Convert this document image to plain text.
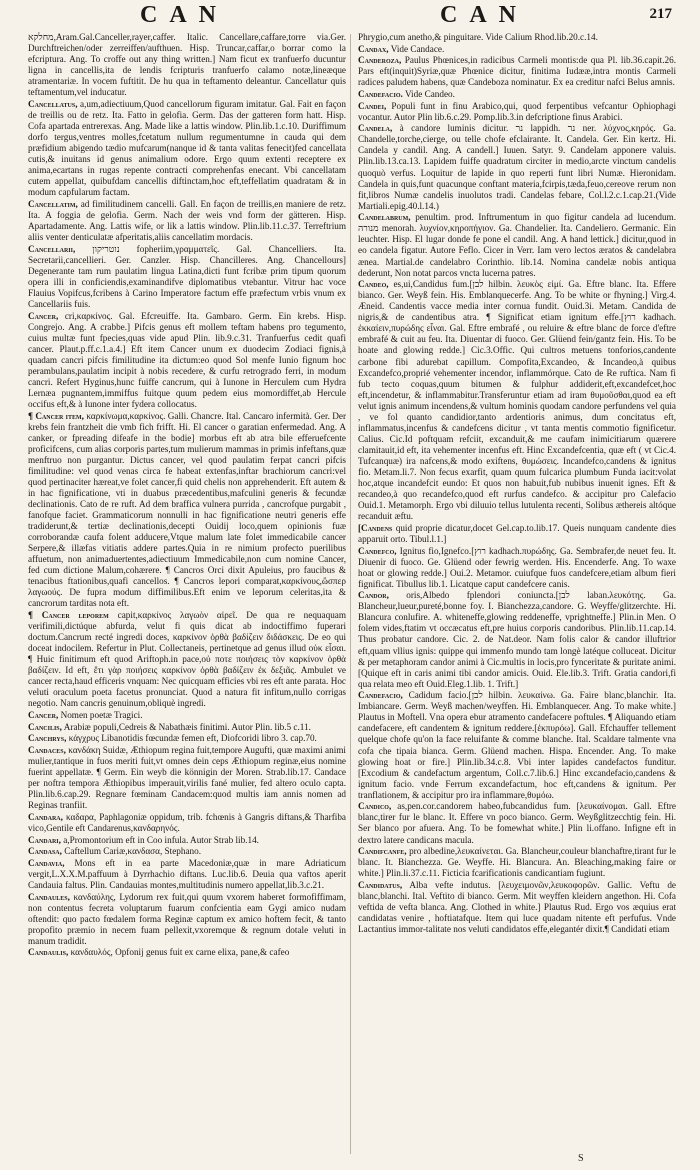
CAN	CAN	217

מחלקא,Aram.Gal.Canceller,rayer,caffer. Italic. Cancellare,caffare,torre via.Ger. Durchftreichen/oder zerreiffen/aufthuen. Hisp. Truncar,caffar,o borrar como la efcriptura. Ang. To croffe out any thing written.] Nam ficut ex tranfuerfo ducuntur ligna in cancellis,ita de lendis fcripturis tranfuerfo calamo notæ,lineæque atramentariæ. In vocem fuftitit. De hu qua in teftamento deleantur. Cancellatur quis teftamentum,vel inducatur.

Cancellatus, a,um,adiectiuum,Quod cancellorum figuram imitatur. Gal. Fait en façon de treillis ou de retz. Ita. Fatto in gelofia. Germ. Das der gatteren form hatt. Hisp. Cofa apartada entrerexas. Ang. Made like a lattis window. Plin.lib.1.c.10. Duriffimum dorfo tergus,ventres molles,fcetatum nullum regumentumne in cauda qui dem præfidium abigendo tædio mufcarum(nanque id & tanta valitas fenecit)fed cancellata cutis,& inuitans id genus animalium odore. Ergo quum extenti receptere ex anima,ecartans in rugas repente contracti comprehenfas enecant. Vbi cancellatam cutem appellat, quibufdam cancellis diftinctam,hoc eft,teffellatim quadratam & in modum capfularum factam.

Cancellatim, ad fimilitudinem cancelli. Gall. En façon de treillis,en maniere de retz. Ita. A foggia de gelofia. Germ. Nach der weis vnd form der gätteren. Hisp. Apartadamente. Ang. Lattis wife, or lik a lattis window. Plin.lib.11.c.37. Terreftrium aliis venter denticulatæ afperitatis,aliis cancellatim mordacis.

Cancellarii, נוטריקון fopheriim,γραμματεῖς. Gal. Chancelliers. Ita. Secretarii,cancellieri. Ger. Canzler. Hisp. Chancilleres. Ang. Chancellours] Degenerante tam rum paulatim lingua Latina,dicti funt fcribæ prim tipum quorum opera illi in conficiendis,examinandifve diplomatibus vtebantur. Vitrur hac voce Flauius Vopifcus,fcribens à Carino Imperatore factum effe præfectum vrbis vnum ex Cancellariis fuis.

Cancer, cri,καρκίνος. Gal. Efcreuiffe. Ita. Gambaro. Germ. Ein krebs. Hisp. Congrejo. Ang. A crabbe.] Pifcis genus eft mollem teftam habens pro tegumento, cuius multæ funt fpecies,quas vide apud Plin. lib.9.c.31. Tranfuerfus cedit quafi cancer. Plaut.p.ff.c.1.a.4.] Eft item Cancer unum ex duodecim Zodiaci fignis,à quadam cancri pifcis fimilitudine ita dictum:eo quod Sol menfe Iunio fignum hoc perambulans,paulatim incipit à nobis recedere, & curfu retrogrado ferri, in modum cancri. Refert Hyginus,hunc fuiffe cancrum, qui à Iunone in Herculem cum Hydra Lernæa pugnantem,immiffus fuitque quum pedem eius momordiffet,ab Hercule occifus eft,& à Iunone inter fydera collocatus.

¶ Cancer item, καρκίνωμα,καρκίνος. Galli. Chancre. Ital. Cancaro infermità. Ger. Der krebs fein frantzheit die vmb fich frifft. Hi. El cancer o garatian enfermedad. Ang. A canker, or fpreading difeafe in the bodie] morbus eft ab atra bile efferuefcente proficifcens, cum alias corporis partes,tum mulierum mammas in primis infeftans,quæ menftruo non purgantur. Dictus cancer, vel quod paulatim ferpat cancri pifcis fimilitudine: vel quod venas circa fe habeat extenfas,inftar brachiorum cancri:vel quod pertinaciter hæreat,ve folet cancer,fi quid chelis non apprehenderit. Eft autem & in hac fignificatione, vti in duabus præcedentibus,mafculini generis & fecundæ declinationis. Cato de re ruft. Ad dem braffica vulnera purrida , cancrofque purgabit , fanofque faciet. Grammaticorum nonnulli in hac fignificatione neutri generis effe tradiderunt,& tertiæ declinationis,decepti Ouidij loco,quem opinionis fuæ corroborandæ caufa folent adducere,Vtque malum late folet immedicabile cancer Serpere,& illæfas vitiatis addere partes.Quia in re nimium profecto puerilibus affuetum, non animaduertentes,adiectiuum Immedicabile,non cum nomine Cancer, fed cum dictione Malum,cohærere. ¶ Cancros Orci dixit Apuleius, pro faucibus & tenacibus ftationibus,quafi cancellos. ¶ Cancros lepori comparat,καρκίνους,ὥσπερ λαγωούς. De fupra modum diffimilibus.Eft enim ve leporum celeritas,ita & cancrorum tarditas nota eft.

¶ Cancer leporem capit,καρκίνος λαγωὸν αἱρεῖ. De qua re nequaquam verifimili,dictúque abfurda, velut fi quis dicat ab indoctiffimo fuperari doctum.Cancrum recté ingredi doces, καρκίνον ὀρθὰ βαδίζειν διδάσκεις. De eo qui doceat indocilem. Refertur in Plut. Collectaneis, pertinetque ad genus illud οὐκ εἶσαι. ¶ Huic finitimum eft quod Ariftoph.in pace,οὐ ποτε ποιήσεις τὸν καρκίνον ὀρθὰ βαδίζειν. Id eft, ἔτι γὰρ ποιήσεις καρκίνον ὀρθὰ βαδίζειν ἐκ δεξιᾶς. Ambulet ve cancer recta,haud efficeris vnquam: Nec quicquam efficies vbi res eft ante parata. Hoc veluti oraculum poeta facetus pronunciat. Quod a natura fit infitum,nullo corrigas negotio. Nam cancris genuinum,obliquè ingredi.

Cancer, Nomen poetæ Tragici.

Cancilis, Arabiæ populi,Cedreis & Nabathæis finitimi. Autor Plin. lib.5 c.11.

Canchrys, κάγχρυς Libanotidis fœcundæ femen eft, Diofcoridi libro 3. cap.70.

Candaces, κανδάκη Suidæ, Æthiopum regina fuit,tempore Augufti, quæ maximi animi mulier,tantique in fuos meriti fuit,vt omnes dein ceps Æthiopum reginæ,eius nomine fuerint appellatæ. ¶ Germ. Ein weyb die könnigin der Moren. Strab.lib.17. Candace per noftra tempora Æthiopibus imperauit,virilis fané mulier, fed altero oculo capta. Plin.lib.6.cap.29. Regnare fœminam Candacem:quod multis iam annis nomen ad Reginas tranfiit.

Candara, καδαρα, Paphlagoniæ oppidum, trib. fchœnis à Gangris diftans,& Tharfiba vico,Gentile eft Candarenus,κανδαρηνός.

Candari, a,Promontorium eft in Coo infula. Autor Strab lib.14.

Candasa, Caftellum Cariæ,κανδασα, Stephano.

Candavia, Mons eft in ea parte Macedoniæ,quæ in mare Adriaticum vergit,L.X.X.M.paffuum à Dyrrhachio diftans. Luc.lib.6. Deuia qua vaftos aperit Candauia faltus. Plin. Candauias montes,multitudinis numero appellat,lib.3.c.21.

Candaules, κανδαύλης, Lydorum rex fuit,qui quum vxorem haberet formofiffimam, non contentus fecreta voluptarum fuarum confcientia eam Gygi amico nudam oftendit: quo pacto fœdalem forma Reginæ captum ex amico hoftem fecit, & tanto propofito præmio in necem fuam pellexit,vxoremque & regnum dotale veluti in manum tradidit.

Candaulis, κανδαυλός, Opfonij genus fuit ex carne elixa, pane,& cafeo

Phrygio,cum anetho,& pinguitare. Vide Calium Rhod.lib.20.c.14.

Candax, Vide Candace.

Canderoza, Paulus Phœnices,in radicibus Carmeli montis:de qua Pl. lib.36.capit.26. Pars eft(inquit)Syriæ,quæ Phœnice dicitur, finitima Iudææ,intra montis Carmeli radices paludem habens, quæ Candeboza nominatur. Ex ea creditur nafci Belus amnis.

Candefacio. Vide Candeo.

Candei, Populi funt in finu Arabico,qui, quod ferpentibus vefcantur Ophiophagi vocantur. Autor Plin lib.6.c.29. Pomp.lib.3.in defcriptione finus Arabici.

Candela, à candore luminis dicitur. נר lappidh. נר ner. λύχνος,κηρός. Ga. Chandelle,torche,cierge, ou telle chofe efclairante. It. Candela. Ger. Ein kertz. Hi. Candela y candil. Ang. A candell.] Iuuen. Satyr. 9. Candelam apponere valuis. Plin.lib.13.ca.13. Lapidem fuiffe quadratum circiter in medio,arcte vinctum candelis quoquò verfus. Loquitur de lapide in quo reperti funt libri Numæ. Hieronidam. Candela in quis,funt quacunque conftant materia,fcirpis,tæda,feuo,cereove rerum non fit,libros Numæ candelis inuolutos tradi. Candelas febare, Col.l.2.c.1.cap.21.(Vide Martiali.epig.40.l.14.)

Candelabrum, penultim. prod. Inftrumentum in quo figitur candela ad lucendum. מנורה menorah. λυχνίον,κηροπήγιον. Ga. Chandelier. Ita. Candeliero. Germanic. Ein leuchter. Hisp. El lugar donde fe pone el candil. Ang. A hand lettick.] dicitur,quod in eo candela figatur. Autore Feflo. Cicer in Verr. Iam vero lectos æratos & candelabra ænea. Martial.de candelabro Corinthio. lib.14. Nomina candelæ nobis antiqua dederunt, Non notat parcos vncta lucerna patres.

Candeo, es,ui,Candidus fum.[לבן hilbin. λευκὸς εἰμί. Ga. Eftre blanc. Ita. Effere bianco. Ger. Weyß fein. His. Emblanquecerfe. Ang. To be white or fhyning.] Virg.4. Æneid. Candentis vacce media inter cornua fundit. Ouid.3i. Metam. Candida de nigris,& de candentibus atra. ¶ Significat etiam ignitum effe.[רוץ kadhach. ἐκκαίειν,πυρώδης εἶναι. Gal. Eftre embrafé , ou reluire & eftre blanc de force d'eftre embrafé & cuit au feu. Ita. Diuentar di fuoco. Ger. Glüend fein/gantz fein. His. To be hoate and glowing redde.] Cic.3.Offic. Qui cultros metuens tonforios,candente carbone fibi adurebat capillum. Compofita,Excandeo, & Incandeo,à quibus Excandefco,proprié vehementer incendor, inflammórque. Cato de Re ruftica. Nam fi fub tecto coquas,quum bitumen & fulphur addiderit,eft,excandefcet,hoc eft,incendetur, & inflammabitur.Transferuntur etiam ad iram θυμοῦσθαι,quod ea eft velut ignis animum incendens,& vultum hominis quodam candore perfundens vel quia , ve fol quanto candidior,tanto ardentioris animus, dum concitatus eft, inflammatus,incenfus & candefcens dicitur , vt tanta mentis commotio fignificetur. Calius. Cic.Id poftquam refciit, excanduit,& me caufam inimicitiarum quærere clamitauit,id eft, ita vehementer incenfus eft. Hinc Excandefcentia, quæ eft ( vt Cic.4. Tufcanquæ) ira nafcens,& modo exiftens, θυμώσεις. Incandefco,candens & ignitus fio. Metam.li.7. Non fecus exarfit, quam quum fulcarica plumbum Funda iacit:volat hoc,atque incandefcit eundo: Et quos non habuit,fub nubibus inuenit ignes. Eft & recandeo,à quo recandefco,quod eft rurfus candefco. & accipitur pro Calefacio Ouid.1. Metamorph. Ergo vbi diluuio tellus lutulenta recenti, Solibus æthereis altóque recanduit æftu.

[Candens quid proprie dicatur,docet Gel.cap.to.lib.17. Queis nunquam candente dies apparuit orto. Tibul.l.1.]

Candefco, Ignitus fio,Ignefco.[רוץ kadhach.πυρώδης. Ga. Sembrafer,de neuet feu. It. Diuenir di fuoco. Ge. Glüend oder fewrig werden. His. Encenderfe. Ang. To waxe hoat or glowing redde.] Oui.2. Metamor. cuiufque fuos candefcere,etiam album fieri fignificat. Tibullus lib.1. Licatque caput candefcere canis.

Candor, oris,Albedo fplendori coniuncta.[לבן laban.λευκότης. Ga. Blancheur,lueur,pureté,bonne foy. I. Bianchezza,candore. G. Weyffe/glitzerchte. Hi. Blancura conlufire. A. whiteneffe,glowing reddeneffe, vprightneffe.] Plin.in Men. O folem vides,ftatim vt occæcatus eft,pre huius corporis candoribus. Plin.lib.11.cap.14. Thus probatur candore. Cic. 2. de Nat.deor. Nam folis calor & candor illuftrior eft,quam vllius ignis: quippe qui immenfo mundo tam longè latéque colluceat. Dicitur & per metaphoram candor animi à Cic.multis in locis,pro fynceritate & puritate animi.[Quique eft in caris animi tibi candor amicis. Ouid. Ele.lib.3. Trift. Gratia candori,fi qua relata meo eft Ouid.Eleg.1.lib. 1. Trift.]

Candefacio, Cadidum facio.[לבן hilbin. λευκαίνω. Ga. Faire blanc,blanchir. Ita. Imbiancare. Germ. Weyß machen/weyffen. Hi. Emblanquecer. Ang. To make white.] Plautus in Moftell. Vna opera ebur atramento candefacere poftules. ¶ Aliquando etiam candefacere, eft candentem & ignitum reddere.[ἐκπυρόω]. Gall. Efchauffer tellement quelque chofe qu'on la face reluifante & comme blanche. Ital. Scaldare talmente vna cofa che tipaia bianca. Germ. Glüend machen. Hispa. Encender. Ang. To make glowing hoat or fire.] Plin.lib.34.c.8. Vbi inter lapides candefactos funditur. [Excodium & candefactum argentum, Coll.c.7.lib.6.] Hinc excandefacio,candens & ignitum facio. vnde Ferrum excandefactum, hoc eft,candens & ignitum. Per tranflationem, & accipitur pro ira inflammare,θυμόω.

Candico, as,pen.cor.candorem habeo,fubcandidus fum. [λευκαίνομαι. Gall. Eftre blanc,tirer fur le blanc. It. Effere vn poco bianco. Germ. Weyßglitzecchtig fein. Hi. Ser blanco por afuera. Ang. To be fomewhat white.] Plin li.offano. Infigne eft in dextro latere candicans macula.

Candifcanfe, pro albedine,λευκαίνεται. Ga. Blancheur,couleur blanchaftre,tirant fur le blanc. It. Bianchezza. Ge. Weyffe. Hi. Blancura. An. Bleaching,making faire or white.] Plin.li.37.c.11. Ficticia fcarificationis candicantiam fugiunt.

Candidatus, Alba vefte indutus. [λευχειμονῶν,λευκοφορῶν. Gallic. Veftu de blanc,blanchi. Ital. Veftito di bianco. Germ. Mit weyffen kleidern angethon. Hi. Cofa veftida de vefta blanca. Ang. Clothed in white.] Plautus Rud. Ergo vos æquius erat candidatas venire , hoftiatafque. Item qui luce quadam nitente eft perfufus. Vnde Lactantius immor-talitate nos veluti candidatos effe,elegantér dixit.¶ Candidati etiam

S
